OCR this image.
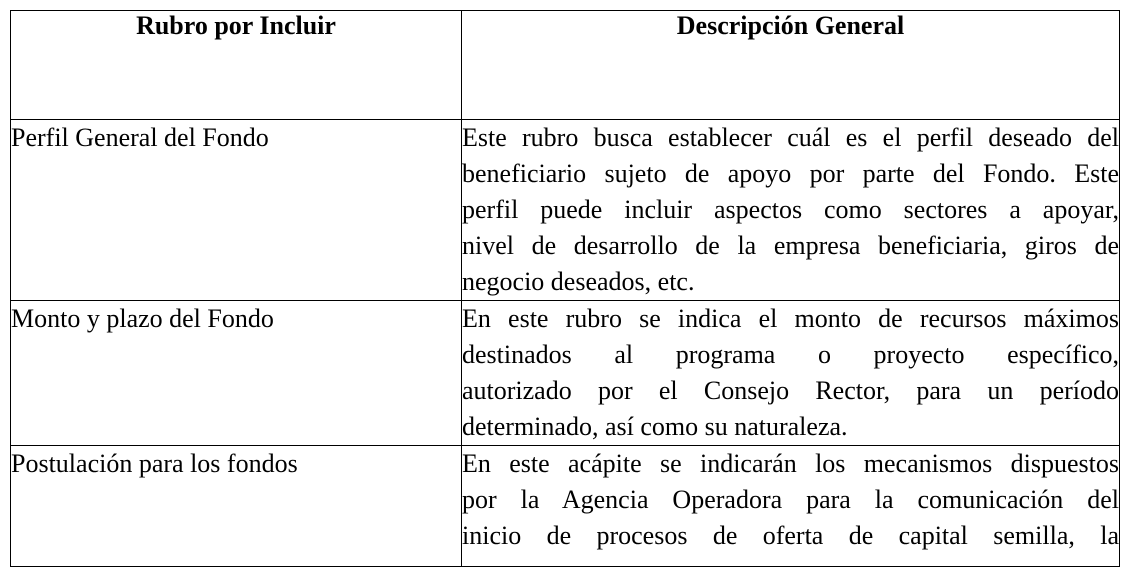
Rubro por Incluir	Descripción General
Perfil General del Fondo	Este rubro busca establecer cuál es el perfil deseado del
beneficiario sujeto de apoyo por parte del Fondo. Este
perfil puede incluir aspectos como sectores a apoyar,
nivel de desarrollo de la empresa beneficiaria, giros de
negocio deseados, etc.

Monto y plazo del Fondo	En este rubro se indica el monto de recursos máximos
destinados al programa o proyecto específico,
autorizado por el Consejo Rector, para un período
determinado, así como su naturaleza.

Postulación para los fondos	En este acápite se indicarán los mecanismos dispuestos
por la Agencia Operadora para la comunicación del
inicio de procesos de oferta de capital semilla, la
